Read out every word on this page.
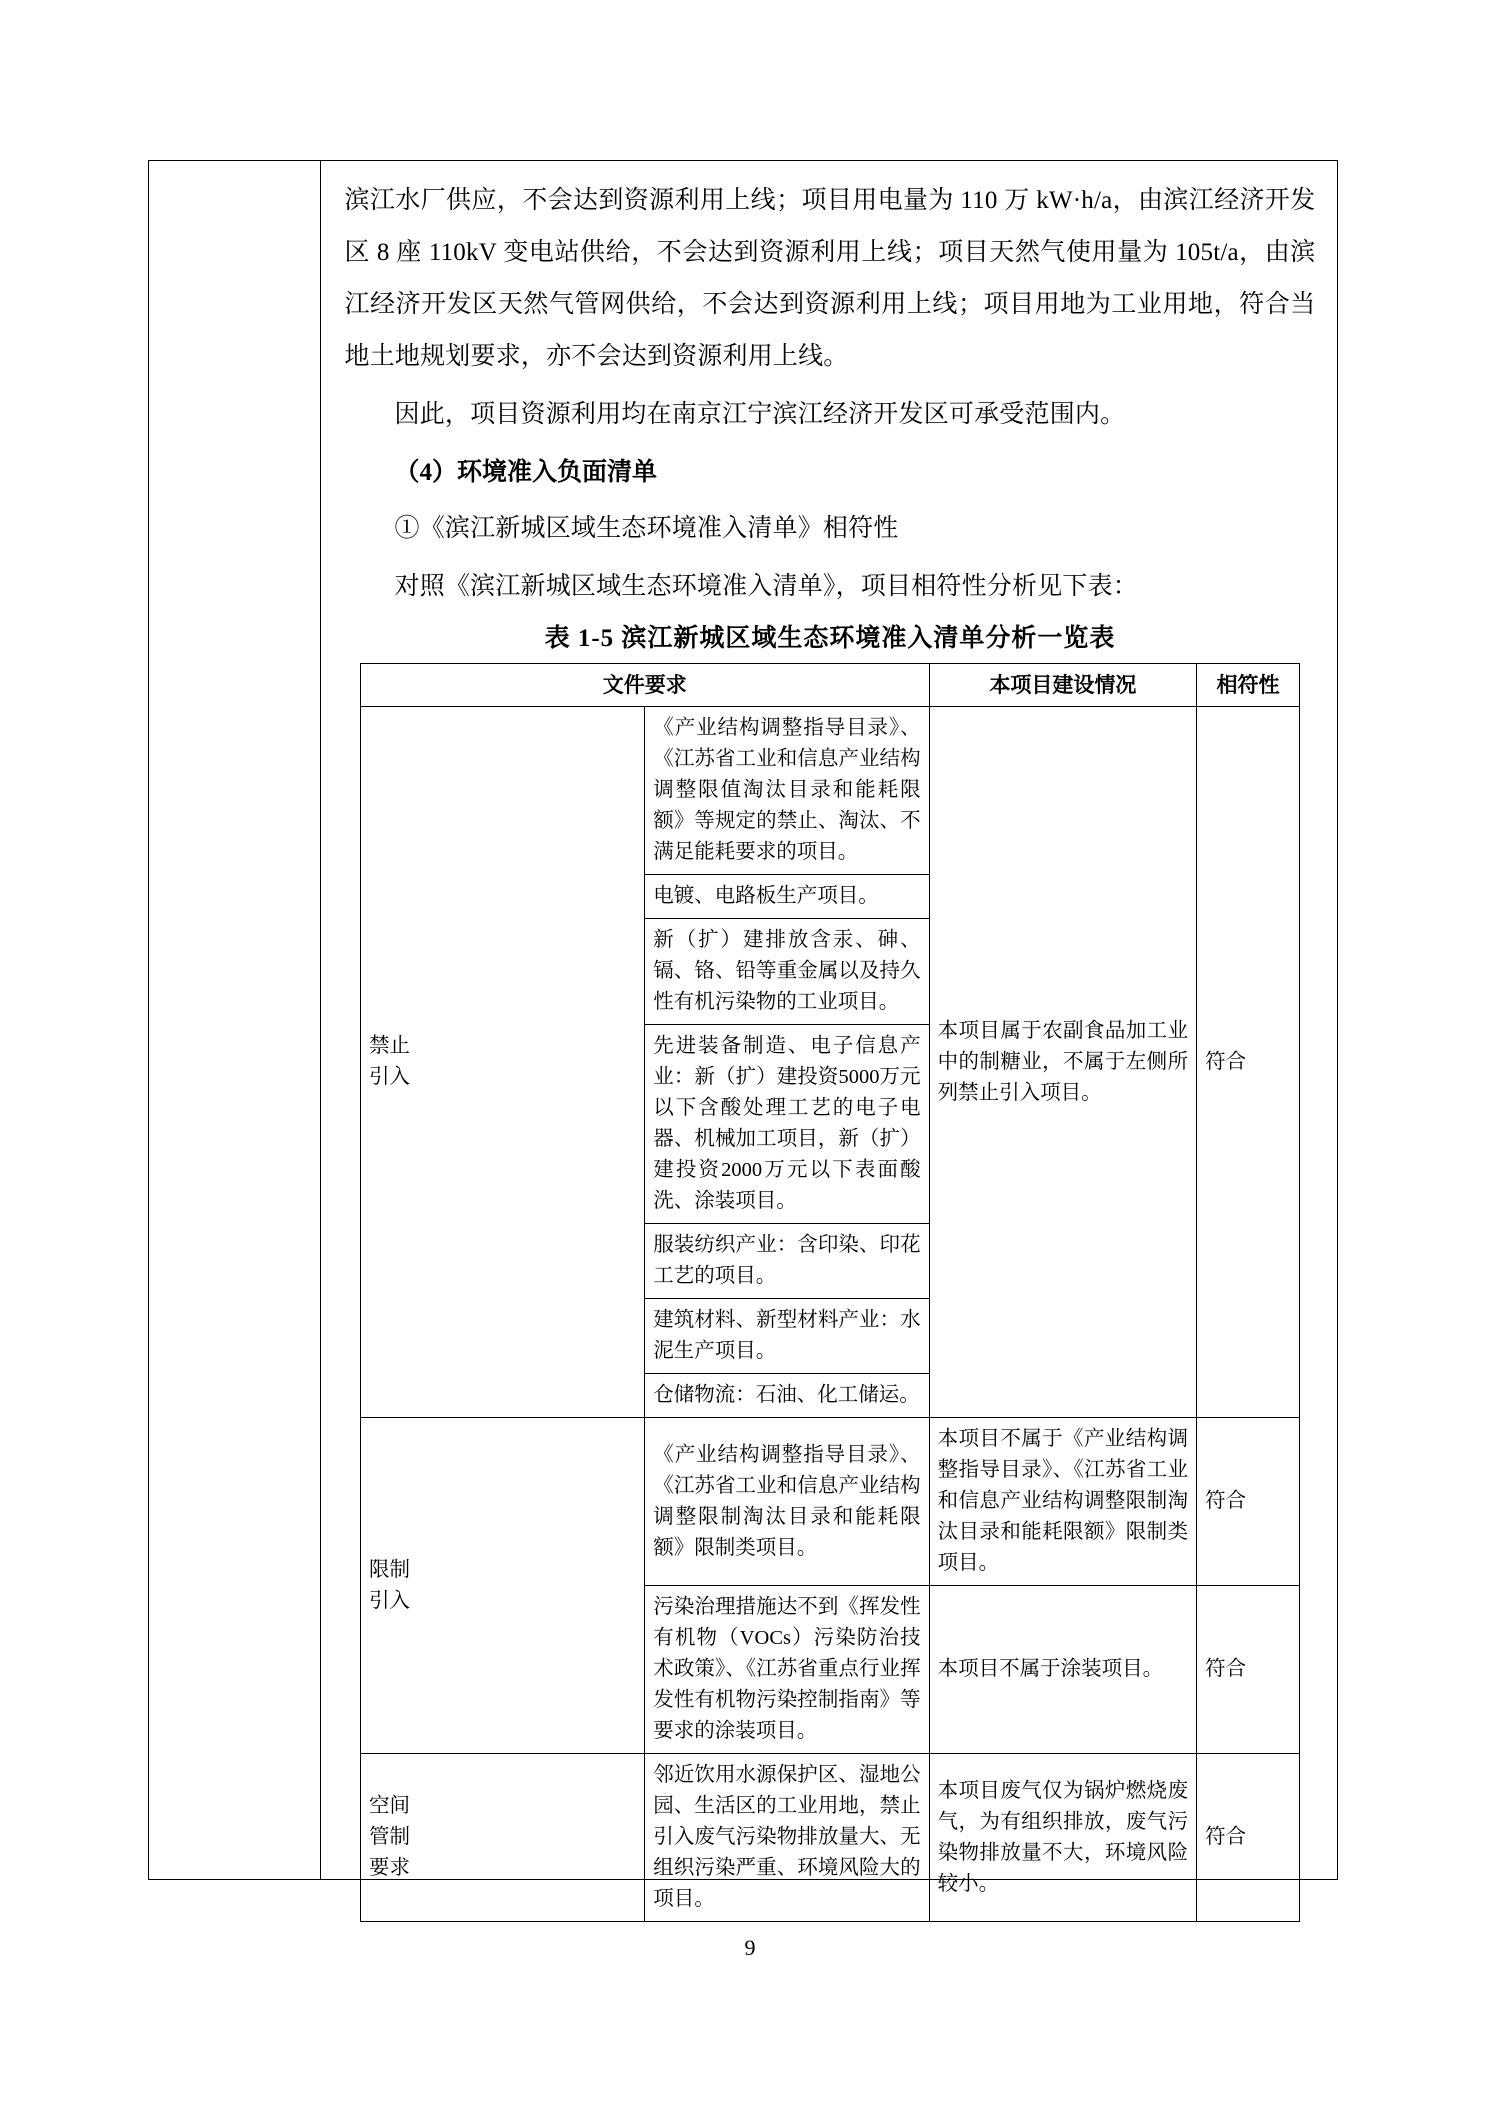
滨江水厂供应，不会达到资源利用上线；项目用电量为 110 万 kW·h/a，由滨江经济开发区 8 座 110kV 变电站供给，不会达到资源利用上线；项目天然气使用量为 105t/a，由滨江经济开发区天然气管网供给，不会达到资源利用上线；项目用地为工业用地，符合当地土地规划要求，亦不会达到资源利用上线。

因此，项目资源利用均在南京江宁滨江经济开发区可承受范围内。

（4）环境准入负面清单

①《滨江新城区域生态环境准入清单》相符性

对照《滨江新城区域生态环境准入清单》，项目相符性分析见下表：

表 1-5 滨江新城区域生态环境准入清单分析一览表
文件要求		本项目建设情况	相符性
禁止
引入	《产业结构调整指导目录》、《江苏省工业和信息产业结构调整限值淘汰目录和能耗限额》等规定的禁止、淘汰、不满足能耗要求的项目。	本项目属于农副食品加工业中的制糖业，不属于左侧所列禁止引入项目。	符合
	电镀、电路板生产项目。		
	新（扩）建排放含汞、砷、镉、铬、铅等重金属以及持久性有机污染物的工业项目。		
	先进装备制造、电子信息产业：新（扩）建投资5000万元以下含酸处理工艺的电子电器、机械加工项目，新（扩）建投资2000万元以下表面酸洗、涂装项目。		
	服装纺织产业：含印染、印花工艺的项目。		
	建筑材料、新型材料产业：水泥生产项目。		
	仓储物流：石油、化工储运。		
限制
引入	《产业结构调整指导目录》、《江苏省工业和信息产业结构调整限制淘汰目录和能耗限额》限制类项目。	本项目不属于《产业结构调整指导目录》、《江苏省工业和信息产业结构调整限制淘汰目录和能耗限额》限制类项目。	符合
	污染治理措施达不到《挥发性有机物（VOCs）污染防治技术政策》、《江苏省重点行业挥发性有机物污染控制指南》等要求的涂装项目。	本项目不属于涂装项目。	符合
空间
管制
要求	邻近饮用水源保护区、湿地公园、生活区的工业用地，禁止引入废气污染物排放量大、无组织污染严重、环境风险大的项目。	本项目废气仅为锅炉燃烧废气，为有组织排放，废气污染物排放量不大，环境风险较小。	符合
9
